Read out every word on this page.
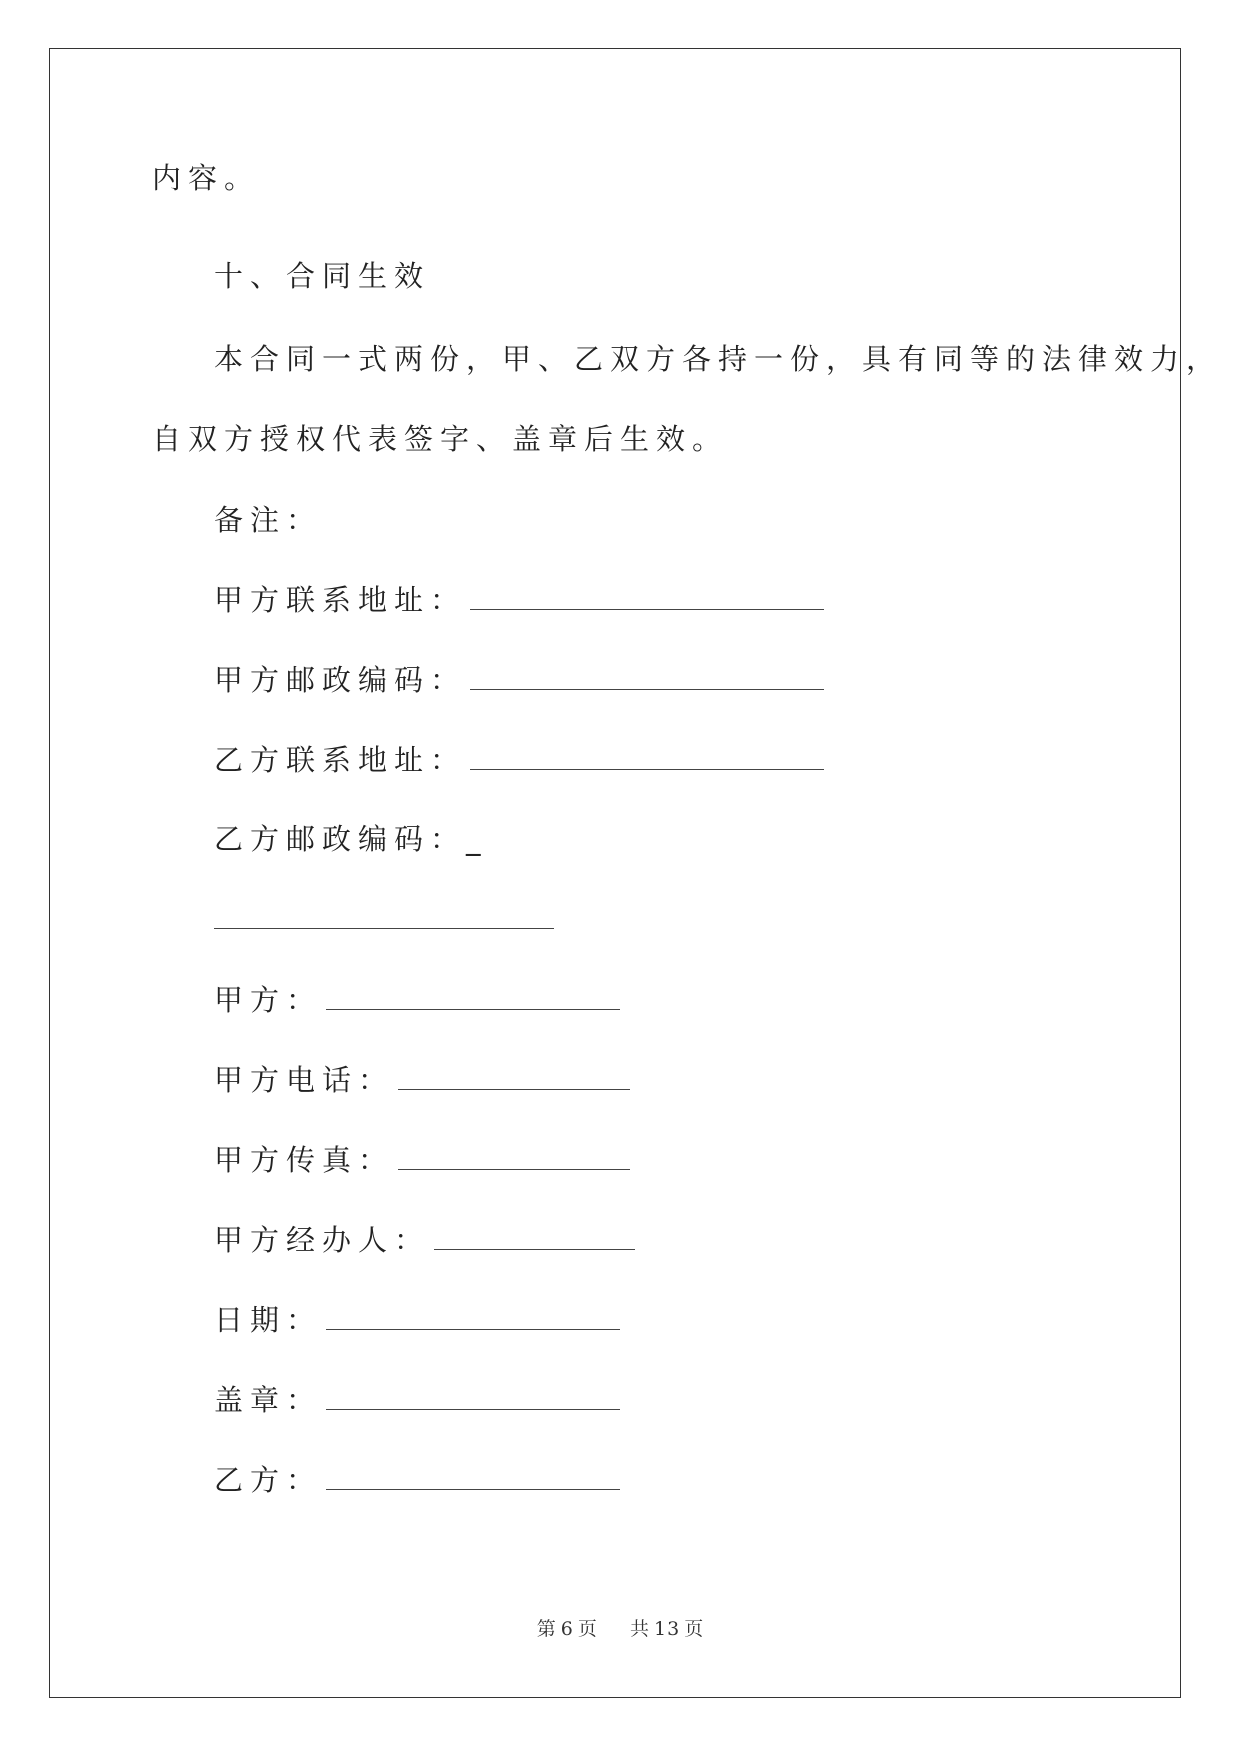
内容。
十、合同生效
本合同一式两份，甲、乙双方各持一份，具有同等的法律效力，
自双方授权代表签字、盖章后生效。
备注：
甲方联系地址：
甲方邮政编码：
乙方联系地址：
乙方邮政编码：_
甲方：
甲方电话：
甲方传真：
甲方经办人：
日期：
盖章：
乙方：
第 6 页 共 13 页
